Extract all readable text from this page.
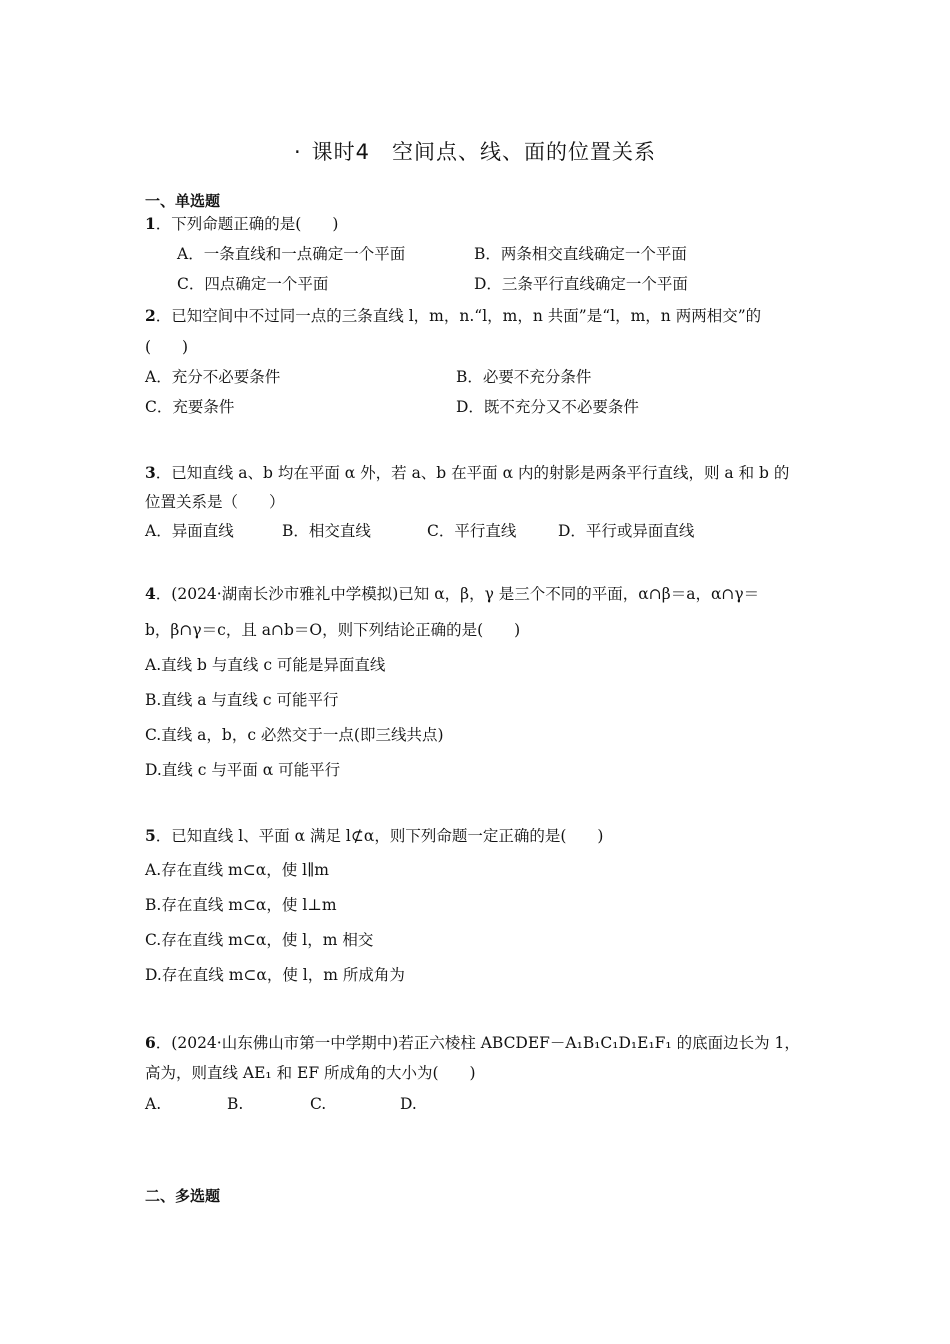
· 课时4　空间点、线、面的位置关系
一、单选题
1．下列命题正确的是(　　)
A．一条直线和一点确定一个平面	B．两条相交直线确定一个平面
C．四点确定一个平面	D．三条平行直线确定一个平面
2．已知空间中不过同一点的三条直线 l，m，n.“l，m，n 共面”是“l，m，n 两两相交”的
(　　)
A．充分不必要条件	B．必要不充分条件
C．充要条件	D．既不充分又不必要条件
3．已知直线 a、b 均在平面 α 外，若 a、b 在平面 α 内的射影是两条平行直线，则 a 和 b 的
位置关系是（　　）
A．异面直线	B．相交直线	C．平行直线	D．平行或异面直线
4．(2024·湖南长沙市雅礼中学模拟)已知 α，β，γ 是三个不同的平面，α∩β＝a，α∩γ＝
b，β∩γ＝c，且 a∩b＝O，则下列结论正确的是(　　)
A.直线 b 与直线 c 可能是异面直线
B.直线 a 与直线 c 可能平行
C.直线 a，b，c 必然交于一点(即三线共点)
D.直线 c 与平面 α 可能平行
5．已知直线 l、平面 α 满足 l⊄α，则下列命题一定正确的是(　　)
A.存在直线 m⊂α，使 l∥m
B.存在直线 m⊂α，使 l⊥m
C.存在直线 m⊂α，使 l，m 相交
D.存在直线 m⊂α，使 l，m 所成角为
6．(2024·山东佛山市第一中学期中)若正六棱柱 ABCDEF－A₁B₁C₁D₁E₁F₁ 的底面边长为 1，
高为，则直线 AE₁ 和 EF 所成角的大小为(　　)
A.	B.	C.	D.
二、多选题
